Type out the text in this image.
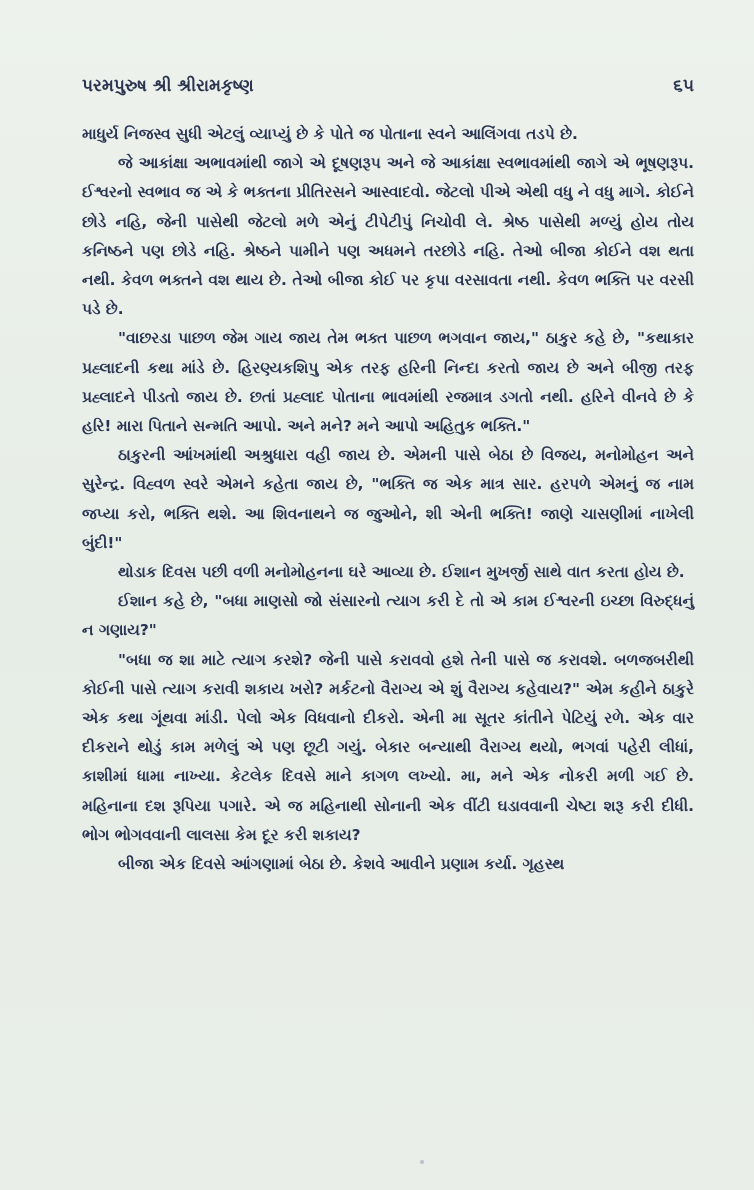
પરમપુરુષ શ્રી શ્રીરામકૃષ્ણ	૬૫

માધુર્ય નિજસ્વ સુધી એટલું વ્યાપ્યું છે કે પોતે જ પોતાના સ્વને આલિંગવા તડપે છે.

જે આકાંક્ષા અભાવમાંથી જાગે એ દૂષણરૂપ અને જે આકાંક્ષા સ્વભાવમાંથી જાગે એ ભૂષણરૂપ. ઈશ્વરનો સ્વભાવ જ એ કે ભક્તના પ્રીતિરસને આસ્વાદવો. જેટલો પીએ એથી વધુ ને વધુ માગે. કોઈને છોડે નહિ, જેની પાસેથી જેટલો મળે એનું ટીપેટીપું નિચોવી લે. શ્રેષ્ઠ પાસેથી મળ્યું હોય તોય કનિષ્ઠને પણ છોડે નહિ. શ્રેષ્ઠને પામીને પણ અધમને તરછોડે નહિ. તેઓ બીજા કોઈને વશ થતા નથી. કેવળ ભક્તને વશ થાય છે. તેઓ બીજા કોઈ પર કૃપા વરસાવતા નથી. કેવળ ભક્તિ પર વરસી પડે છે.

"વાછરડા પાછળ જેમ ગાય જાય તેમ ભક્ત પાછળ ભગવાન જાય," ઠાકુર કહે છે, "કથાકાર પ્રહ્લાદની કથા માંડે છે. હિરણ્યકશિપુ એક તરફ હરિની નિન્દા કરતો જાય છે અને બીજી તરફ પ્રહ્લાદને પીડતો જાય છે. છતાં પ્રહ્લાદ પોતાના ભાવમાંથી રજમાત્ર ડગતો નથી. હરિને વીનવે છે કે હરિ! મારા પિતાને સન્મતિ આપો. અને મને? મને આપો અહિતુક ભક્તિ."

ઠાકુરની આંખમાંથી અશ્રુધારા વહી જાય છે. એમની પાસે બેઠા છે વિજય, મનોમોહન અને સુરેન્દ્ર. વિહ્વળ સ્વરે એમને કહેતા જાય છે, "ભક્તિ જ એક માત્ર સાર. હરપળે એમનું જ નામ જપ્યા કરો, ભક્તિ થશે. આ શિવનાથને જ જુઓને, શી એની ભક્તિ! જાણે ચાસણીમાં નાખેલી બુંદી!"

થોડાક દિવસ પછી વળી મનોમોહનના ઘરે આવ્યા છે. ઈશાન મુખર્જી સાથે વાત કરતા હોય છે.

ઈશાન કહે છે, "બધા માણસો જો સંસારનો ત્યાગ કરી દે તો એ કામ ઈશ્વરની ઇચ્છા વિરુદ્ધનું ન ગણાય?"

"બધા જ શા માટે ત્યાગ કરશે? જેની પાસે કરાવવો હશે તેની પાસે જ કરાવશે. બળજબરીથી કોઈની પાસે ત્યાગ કરાવી શકાય ખરો? મર્કટનો વૈરાગ્ય એ શું વૈરાગ્ય કહેવાય?" એમ કહીને ઠાકુરે એક કથા ગૂંથવા માંડી. પેલો એક વિધવાનો દીકરો. એની મા સૂતર કાંતીને પેટિયું રળે. એક વાર દીકરાને થોડું કામ મળેલું એ પણ છૂટી ગયું. બેકાર બન્યાથી વૈરાગ્ય થયો, ભગવાં પહેરી લીધાં, કાશીમાં ધામા નાખ્યા. કેટલેક દિવસે માને કાગળ લખ્યો. મા, મને એક નોકરી મળી ગઈ છે. મહિનાના દશ રૂપિયા પગારે. એ જ મહિનાથી સોનાની એક વીંટી ઘડાવવાની ચેષ્ટા શરૂ કરી દીધી. ભોગ ભોગવવાની લાલસા કેમ દૂર કરી શકાય?

બીજા એક દિવસે આંગણામાં બેઠા છે. કેશવે આવીને પ્રણામ કર્યા. ગૃહસ્થ
